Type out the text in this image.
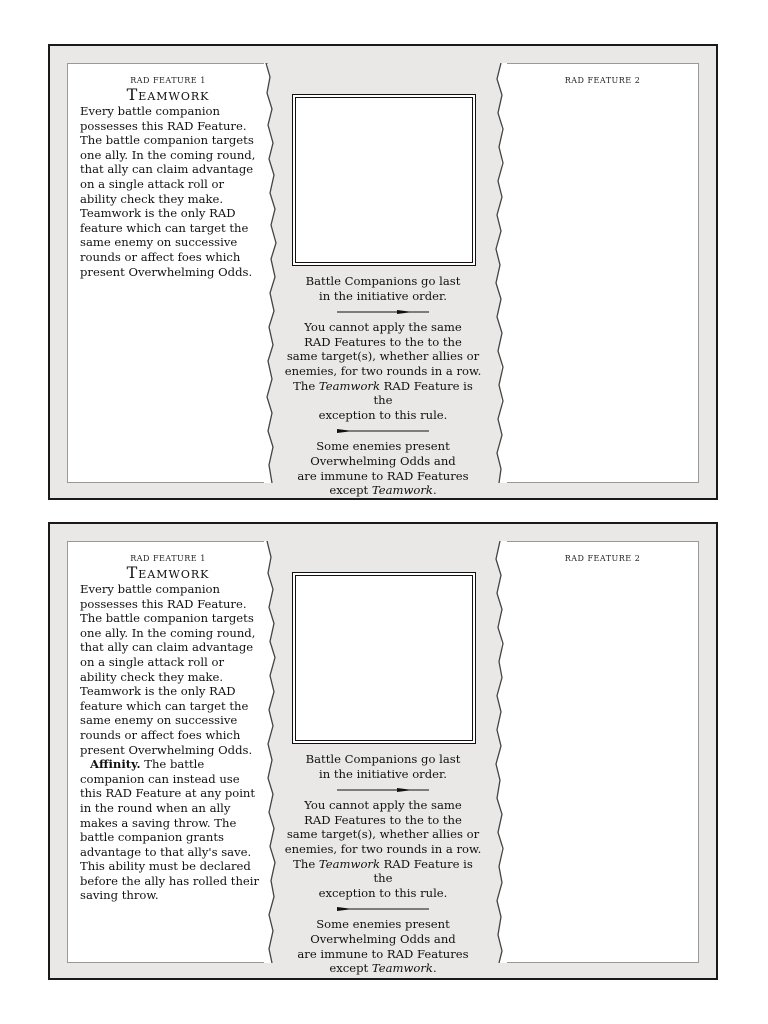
RAD FEATURE 1
Teamwork

Every battle companion possesses this RAD Feature. The battle companion targets one ally. In the coming round, that ally can claim advantage on a single attack roll or ability check they make. Teamwork is the only RAD feature which can target the same enemy on successive rounds or affect foes which present Overwhelming Odds.

Battle Companions go last
in the initiative order.

You cannot apply the same
RAD Features to the to the
same target(s), whether allies or
enemies, for two rounds in a row.
The Teamwork RAD Feature is the
exception to this rule.

Some enemies present
Overwhelming Odds and
are immune to RAD Features
except Teamwork.

RAD FEATURE 2
RAD FEATURE 1
Teamwork

Every battle companion possesses this RAD Feature. The battle companion targets one ally. In the coming round, that ally can claim advantage on a single attack roll or ability check they make. Teamwork is the only RAD feature which can target the same enemy on successive rounds or affect foes which present Overwhelming Odds.

Affinity. The battle companion can instead use this RAD Feature at any point in the round when an ally makes a saving throw. The battle companion grants advantage to that ally's save. This ability must be declared before the ally has rolled their saving throw.

Battle Companions go last
in the initiative order.

You cannot apply the same
RAD Features to the to the
same target(s), whether allies or
enemies, for two rounds in a row.
The Teamwork RAD Feature is the
exception to this rule.

Some enemies present
Overwhelming Odds and
are immune to RAD Features
except Teamwork.

RAD FEATURE 2
